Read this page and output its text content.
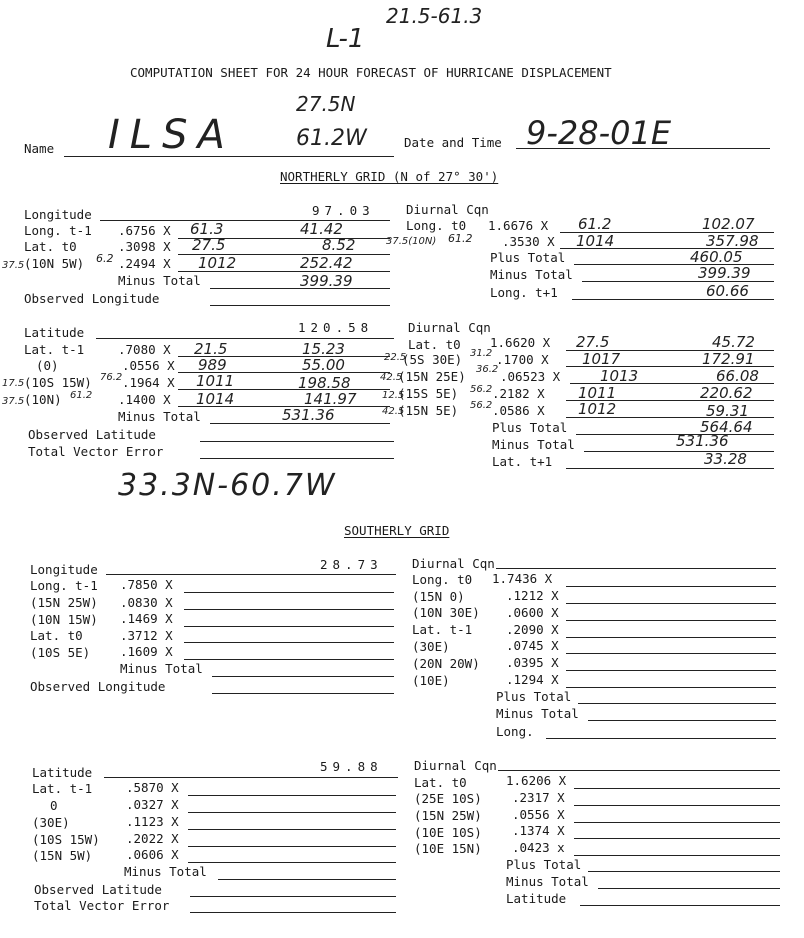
21.5-61.3
L-1
COMPUTATION SHEET FOR 24 HOUR FORECAST OF HURRICANE DISPLACEMENT
Name ILSA
27.5N
61.2W	Date and Time 9-28-01E
NORTHERLY GRID (N of 27° 30')
Longitude	97.03
Long. t-1 .6756 X 61.3	41.42
Lat. t0	.3098 X 27.5	8.52
37.5 (10N 5W) 6.2 .2494 X 1012	252.42
Minus Total	399.39
Observed Longitude
Diurnal Cqn
Long. t0 1.6676 X 61.2	102.07
37.5(10N) 61.2 .3530 X 1014	357.98
Plus Total	460.05
Minus Total	399.39
Long. t+1	60.66
Latitude	120.58
Lat. t-1	.7080 X 21.5	15.23
(0)	.0556 X 989	55.00
17.5 (10S 15W) 76.2 .1964 X 1011	198.58
37.5 (10N) 61.2 .1400 X 1014	141.97
Minus Total	531.36
Observed Latitude
Total Vector Error
Diurnal Cqn
Lat. t0 1.6620 X 27.5	45.72
22.5
(5S 30E) 31.2 .1700 X 1017	172.91
42.5
(15N 25E) 36.2 .06523 X	1013	66.08
12.5
(15S 5E) 56.2 .2182 X 1011	220.62
42.5
(15N 5E) 56.2 .0586 X 1012	59.31
Plus Total	564.64
Minus Total	531.36
Lat. t+1	33.28
33.3N-60.7W
SOUTHERLY GRID
Longitude	28.73
Long. t-1 .7850 X
(15N 25W) .0830 X
(10N 15W) .1469 X
Lat. t0	.3712 X
(10S 5E) .1609 X
Minus Total
Observed Longitude
Diurnal Cqn
Long. t0 1.7436 X
(15N 0)	.1212 X
(10N 30E) .0600 X
Lat. t-1	.2090 X
(30E)	.0745 X
(20N 20W) .0395 X
(10E)	.1294 X
Plus Total
Minus Total
Long.
Latitude	59.88
Lat. t-1	.5870 X
0	.0327 X
(30E)	.1123 X
(10S 15W) .2022 X
(15N 5W)	.0606 X
Minus Total
Observed Latitude
Total Vector Error
Diurnal Cqn
Lat. t0	1.6206 X
(25E 10S) .2317 X
(15N 25W) .0556 X
(10E 10S) .1374 X
(10E 15N) .0423 x
Plus Total
Minus Total
Latitude
